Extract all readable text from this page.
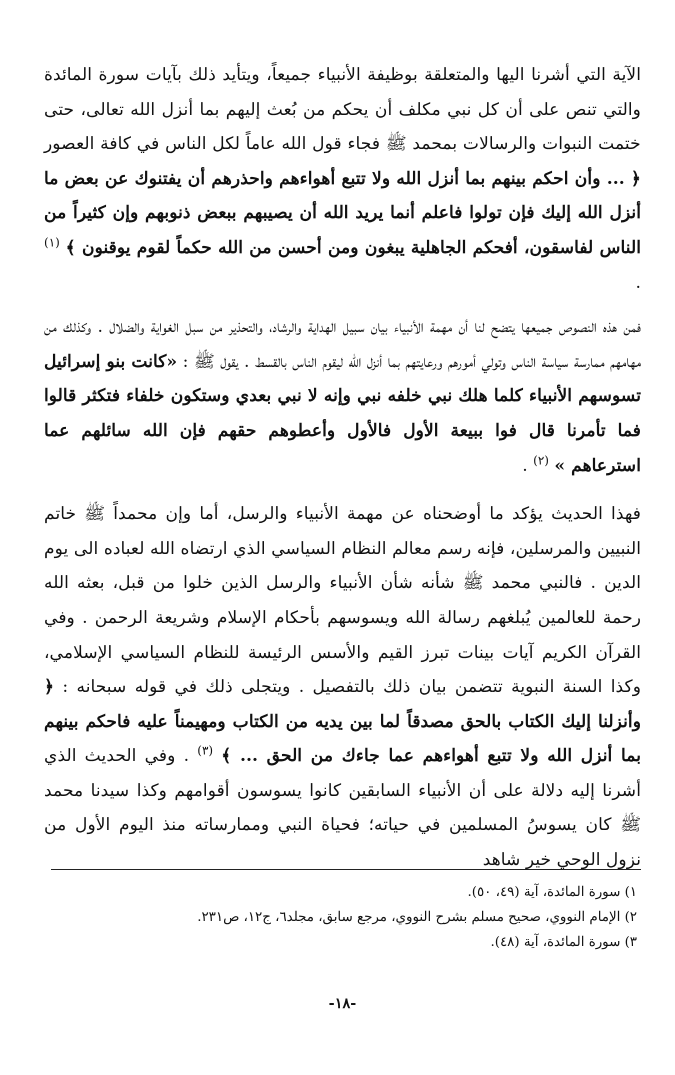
الآية التي أشرنا اليها والمتعلقة بوظيفة الأنبياء جميعاً، ويتأيد ذلك بآيات سورة المائدة والتي تنص على أن كل نبي مكلف أن يحكم من بُعث إليهم بما أنزل الله تعالى، حتى ختمت النبوات والرسالات بمحمد ﷺ فجاء قول الله عاماً لكل الناس في كافة العصور ﴿ ... وأن احكم بينهم بما أنزل الله ولا تتبع أهواءهم واحذرهم أن يفتنوك عن بعض ما أنزل الله إليك فإن تولوا فاعلم أنما يريد الله أن يصيبهم ببعض ذنوبهم وإن كثيراً من الناس لفاسقون، أفحكم الجاهلية يبغون ومن أحسن من الله حكماً لقوم يوقنون ﴾ $^{(١)}$ .

فمن هذه النصوص جميعها يتضح لنا أن مهمة الأنبياء بيان سبيل الهداية والرشاد، والتحذير من سبل الغواية والضلال . وكذلك من مهامهم ممارسة سياسة الناس وتولي أمورهم ورعايتهم بما أنزل الله ليقوم الناس بالقسط . يقول ﷺ : «كانت بنو إسرائيل تسوسهم الأنبياء كلما هلك نبي خلفه نبي وإنه لا نبي بعدي وستكون خلفاء فتكثر قالوا فما تأمرنا قال فوا ببيعة الأول فالأول وأعطوهم حقهم فإن الله سائلهم عما استرعاهم » $^{(٢)}$ .

فهذا الحديث يؤكد ما أوضحناه عن مهمة الأنبياء والرسل، أما وإن محمداً ﷺ خاتم النبيين والمرسلين، فإنه رسم معالم النظام السياسي الذي ارتضاه الله لعباده الى يوم الدين . فالنبي محمد ﷺ شأنه شأن الأنبياء والرسل الذين خلوا من قبل، بعثه الله رحمة للعالمين يُبلغهم رسالة الله ويسوسهم بأحكام الإسلام وشريعة الرحمن . وفي القرآن الكريم آيات بينات تبرز القيم والأسس الرئيسة للنظام السياسي الإسلامي، وكذا السنة النبوية تتضمن بيان ذلك بالتفصيل . ويتجلى ذلك في قوله سبحانه : ﴿ وأنزلنا إليك الكتاب بالحق مصدقاً لما بين يديه من الكتاب ومهيمناً عليه فاحكم بينهم بما أنزل الله ولا تتبع أهواءهم عما جاءك من الحق ... ﴾ $^{(٣)}$ . وفي الحديث الذي أشرنا إليه دلالة على أن الأنبياء السابقين كانوا يسوسون أقوامهم وكذا سيدنا محمد ﷺ كان يسوسُ المسلمين في حياته؛ فحياة النبي وممارساته منذ اليوم الأول من نزول الوحي خير شاهد

١) سورة المائدة، آية (٤٩، ٥٠).

٢) الإمام النووي، صحيح مسلم بشرح النووي، مرجع سابق، مجلد٦، ج١٢، ص٢٣١.

٣) سورة المائدة، آية (٤٨).

-١٨-
